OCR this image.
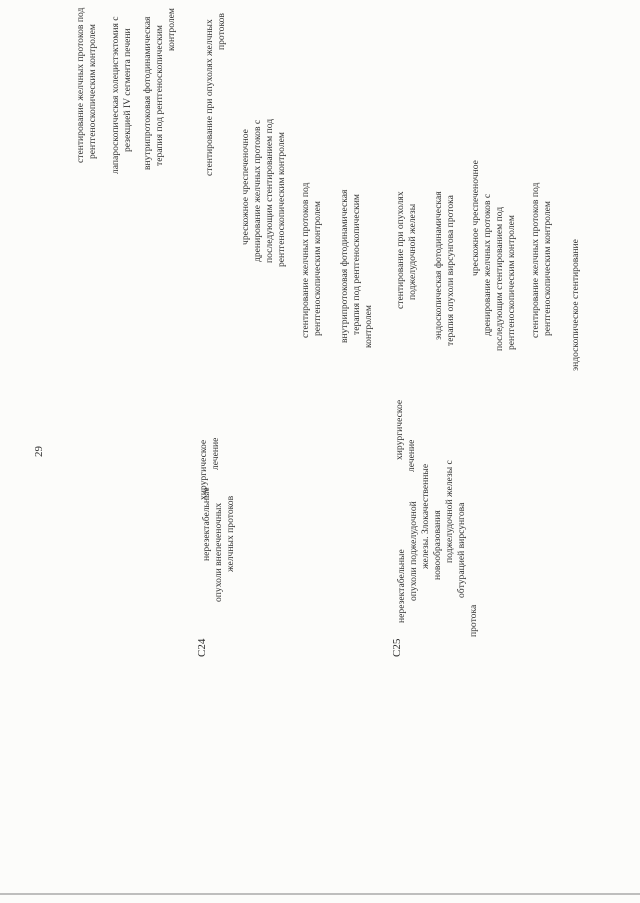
29
С24
нерезектабельные опухоли внепеченочных желчных протоков
хирургическое лечение
стентирование желчных протоков под рентгеноскопическим контролем лапароскопическая холецистэктомия с резекцией IV сегмента печени внутрипротоковая фотодинамическая терапия под рентгеноскопическим контролем	стентирование при опухолях желчных протоков
чрескожное чреспеченочное дренирование желчных протоков с последующим стентированием под рентгеноскопическим контролем стентирование желчных протоков под рентгеноскопическим контролем внутрипротоковая фотодинамическая терапия под рентгеноскопическим контролем
С25
нерезектабельные опухоли поджелудочной железы. Злокачественные новообразования поджелудочной железы с обтурацией вирсунгова
протока
хирургическое лечение
стентирование при опухолях поджелудочной железы эндоскопическая фотодинамическая терапия опухоли вирсунгова протока чрескожное чреспеченочное дренирование желчных протоков с последующим стентированием под рентгеноскопическим контролем стентирование желчных протоков под рентгеноскопическим контролем эндоскопическое стентирование
